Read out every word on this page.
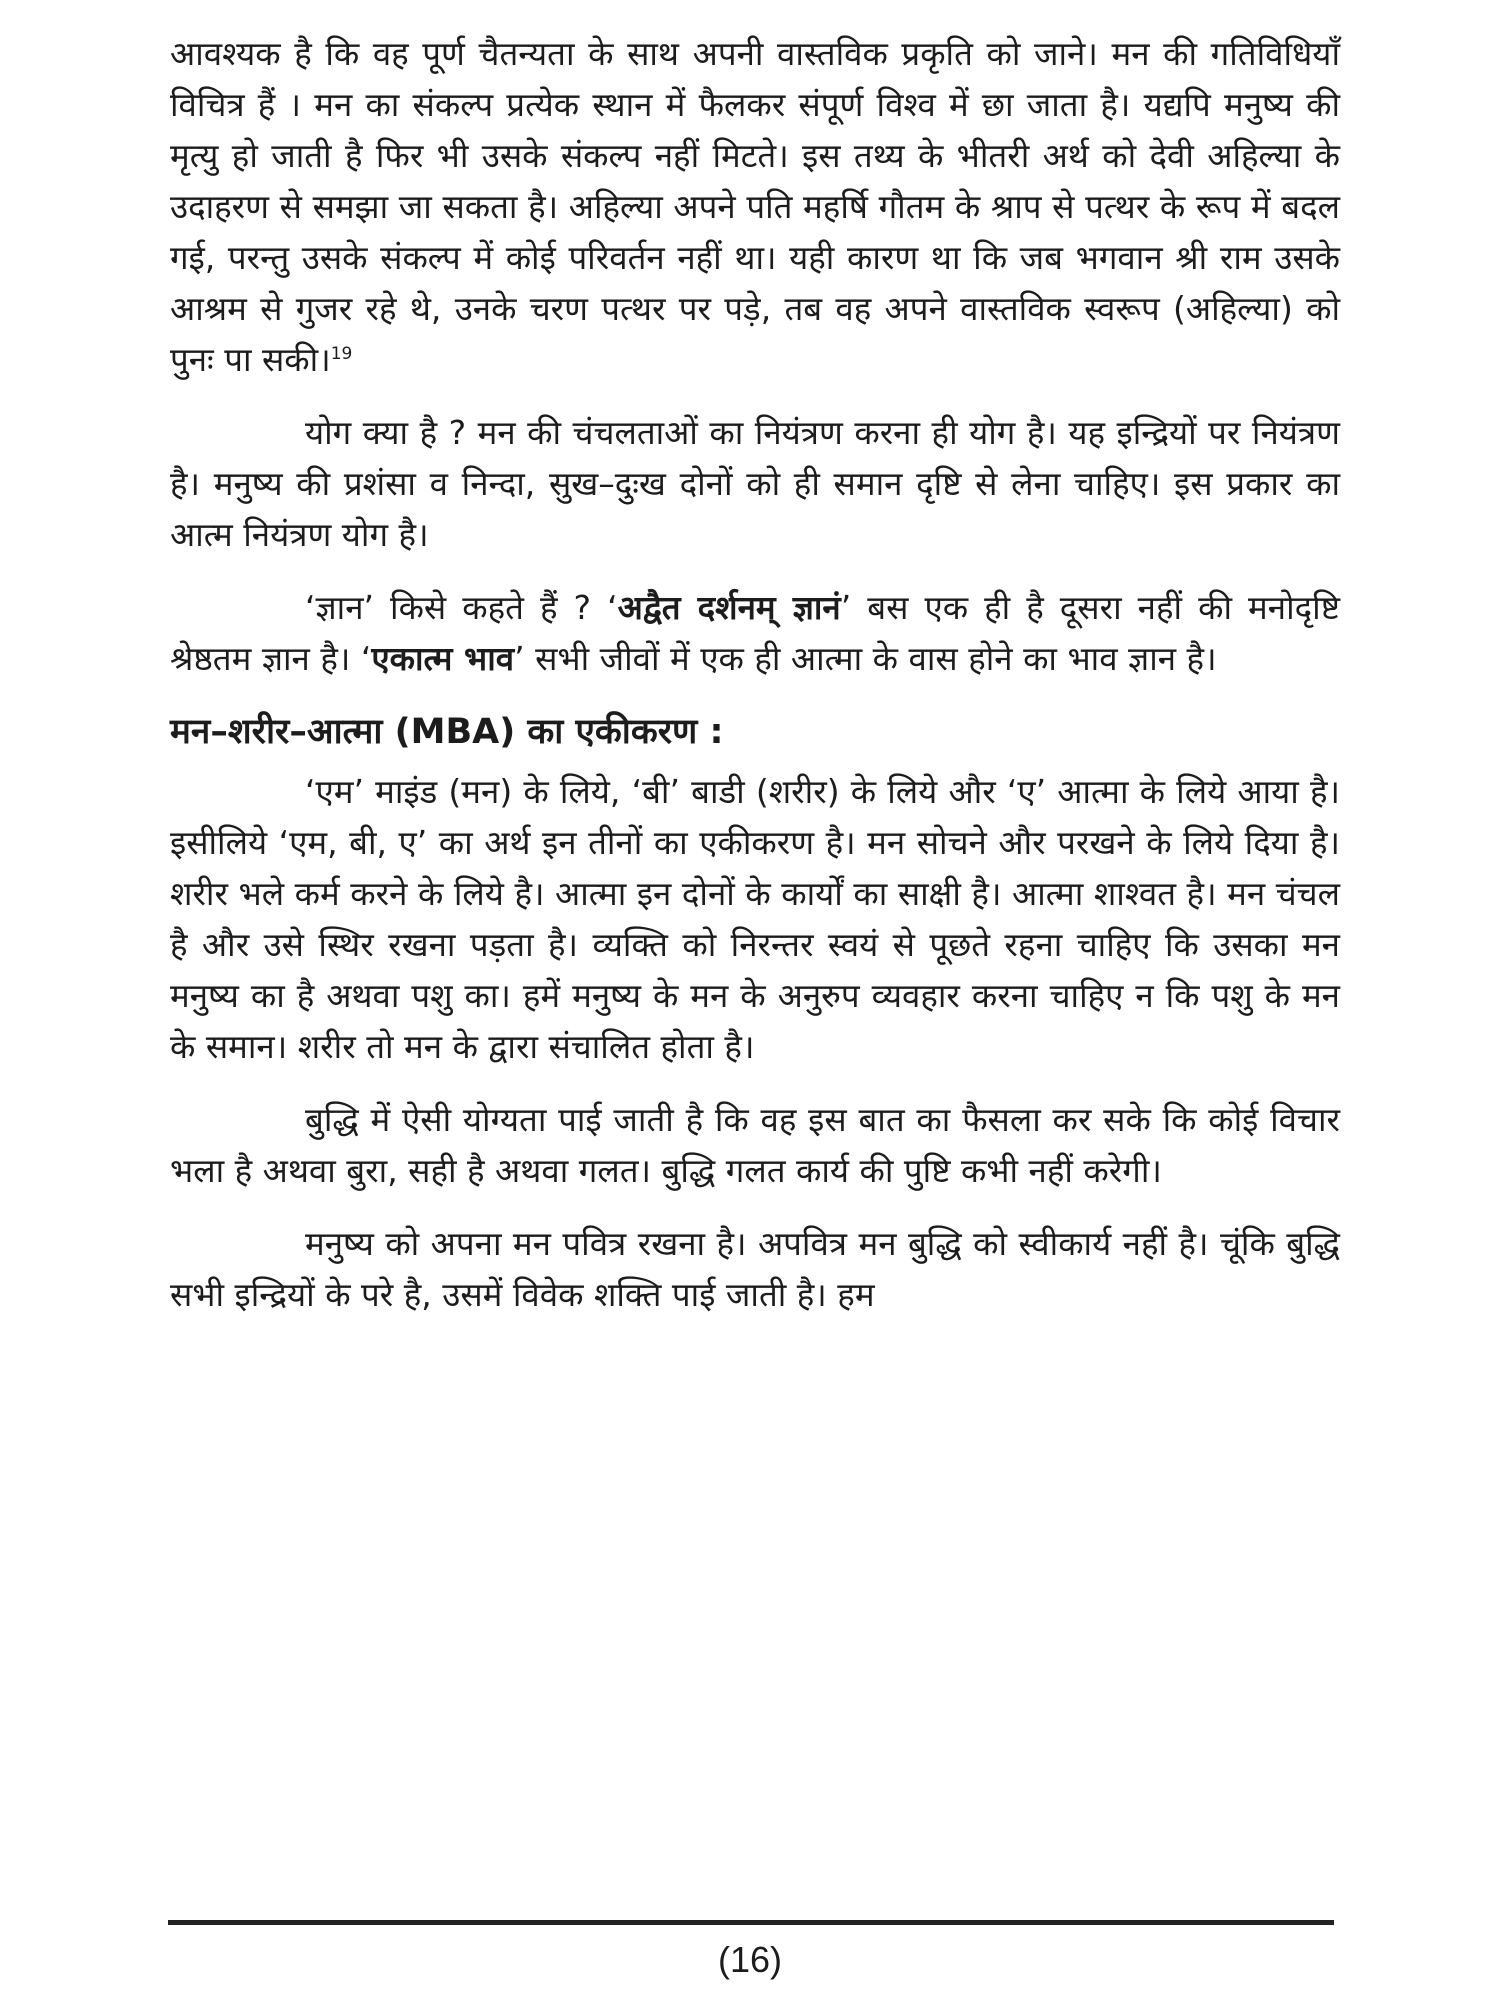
आवश्यक है कि वह पूर्ण चैतन्यता के साथ अपनी वास्तविक प्रकृति को जाने। मन की गतिविधियाँ विचित्र हैं । मन का संकल्प प्रत्येक स्थान में फैलकर संपूर्ण विश्व में छा जाता है। यद्यपि मनुष्य की मृत्यु हो जाती है फिर भी उसके संकल्प नहीं मिटते। इस तथ्य के भीतरी अर्थ को देवी अहिल्या के उदाहरण से समझा जा सकता है। अहिल्या अपने पति महर्षि गौतम के श्राप से पत्थर के रूप में बदल गई, परन्तु उसके संकल्प में कोई परिवर्तन नहीं था। यही कारण था कि जब भगवान श्री राम उसके आश्रम से गुजर रहे थे, उनके चरण पत्थर पर पड़े, तब वह अपने वास्तविक स्वरूप (अहिल्या) को पुनः पा सकी।$^{19}$

योग क्या है ? मन की चंचलताओं का नियंत्रण करना ही योग है। यह इन्द्रियों पर नियंत्रण है। मनुष्य की प्रशंसा व निन्दा, सुख–दुःख दोनों को ही समान दृष्टि से लेना चाहिए। इस प्रकार का आत्म नियंत्रण योग है।

‘ज्ञान’ किसे कहते हैं ? ‘अद्वैत दर्शनम् ज्ञानं’ बस एक ही है दूसरा नहीं की मनोदृष्टि श्रेष्ठतम ज्ञान है। ‘एकात्म भाव’ सभी जीवों में एक ही आत्मा के वास होने का भाव ज्ञान है।

मन–शरीर–आत्मा (MBA) का एकीकरण :

‘एम’ माइंड (मन) के लिये, ‘बी’ बाडी (शरीर) के लिये और ‘ए’ आत्मा के लिये आया है। इसीलिये ‘एम, बी, ए’ का अर्थ इन तीनों का एकीकरण है। मन सोचने और परखने के लिये दिया है। शरीर भले कर्म करने के लिये है। आत्मा इन दोनों के कार्यों का साक्षी है। आत्मा शाश्वत है। मन चंचल है और उसे स्थिर रखना पड़ता है। व्यक्ति को निरन्तर स्वयं से पूछते रहना चाहिए कि उसका मन मनुष्य का है अथवा पशु का। हमें मनुष्य के मन के अनुरुप व्यवहार करना चाहिए न कि पशु के मन के समान। शरीर तो मन के द्वारा संचालित होता है।

बुद्धि में ऐसी योग्यता पाई जाती है कि वह इस बात का फैसला कर सके कि कोई विचार भला है अथवा बुरा, सही है अथवा गलत। बुद्धि गलत कार्य की पुष्टि कभी नहीं करेगी।

मनुष्य को अपना मन पवित्र रखना है। अपवित्र मन बुद्धि को स्वीकार्य नहीं है। चूंकि बुद्धि सभी इन्द्रियों के परे है, उसमें विवेक शक्ति पाई जाती है। हम

(16)
